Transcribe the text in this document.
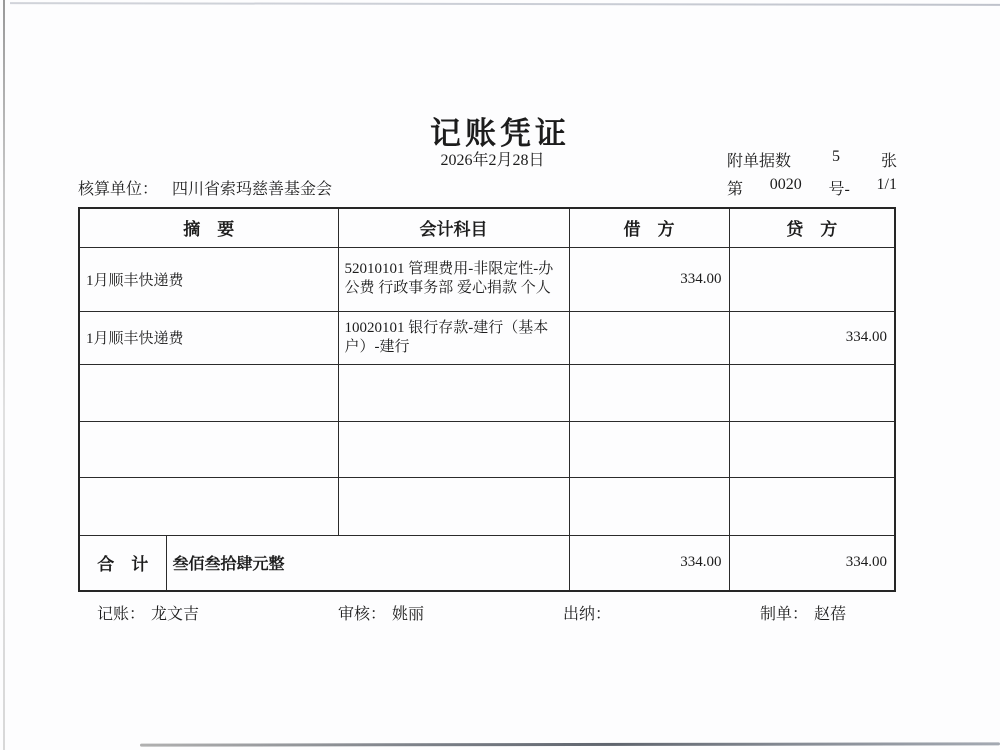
记账凭证
2026年2月28日	附单据数	5	张
第 0020 号- 1/1
核算单位： 四川省索玛慈善基金会
摘　要		会计科目	借　方	贷　方
1月顺丰快递费		52010101 管理费用-非限定性-办公费 行政事务部 爱心捐款 个人	334.00	
1月顺丰快递费		10020101 银行存款-建行（基本户）-建行		334.00

合　计	叁佰叁拾肆元整		334.00	334.00
记账： 龙文吉	审核： 姚丽	出纳：	制单： 赵蓓
